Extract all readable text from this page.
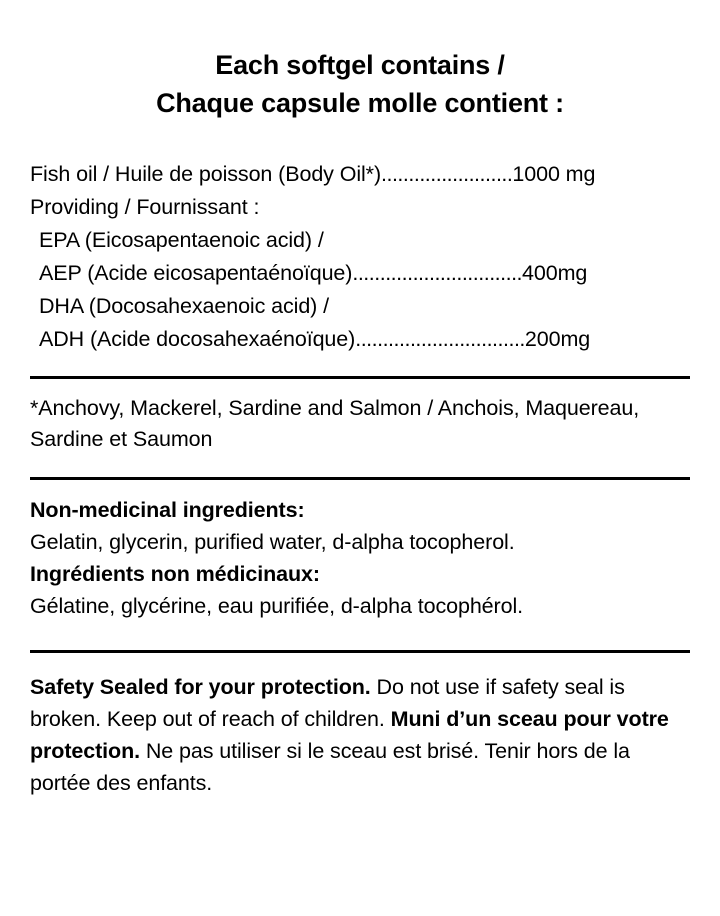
Each softgel contains /
Chaque capsule molle contient :
Fish oil / Huile de poisson (Body Oil*)........................1000 mg
Providing / Fournissant :
EPA (Eicosapentaenoic acid) /
AEP (Acide eicosapentaénoïque)...............................400mg
DHA (Docosahexaenoic acid) /
ADH (Acide docosahexaénoïque)...............................200mg

*Anchovy, Mackerel, Sardine and Salmon / Anchois, Maquereau, Sardine et Saumon

Non-medicinal ingredients:
Gelatin, glycerin, purified water, d-alpha tocopherol.
Ingrédients non médicinaux:
Gélatine, glycérine, eau purifiée, d-alpha tocophérol.

Safety Sealed for your protection. Do not use if safety seal is broken. Keep out of reach of children. Muni d’un sceau pour votre protection. Ne pas utiliser si le sceau est brisé. Tenir hors de la portée des enfants.
